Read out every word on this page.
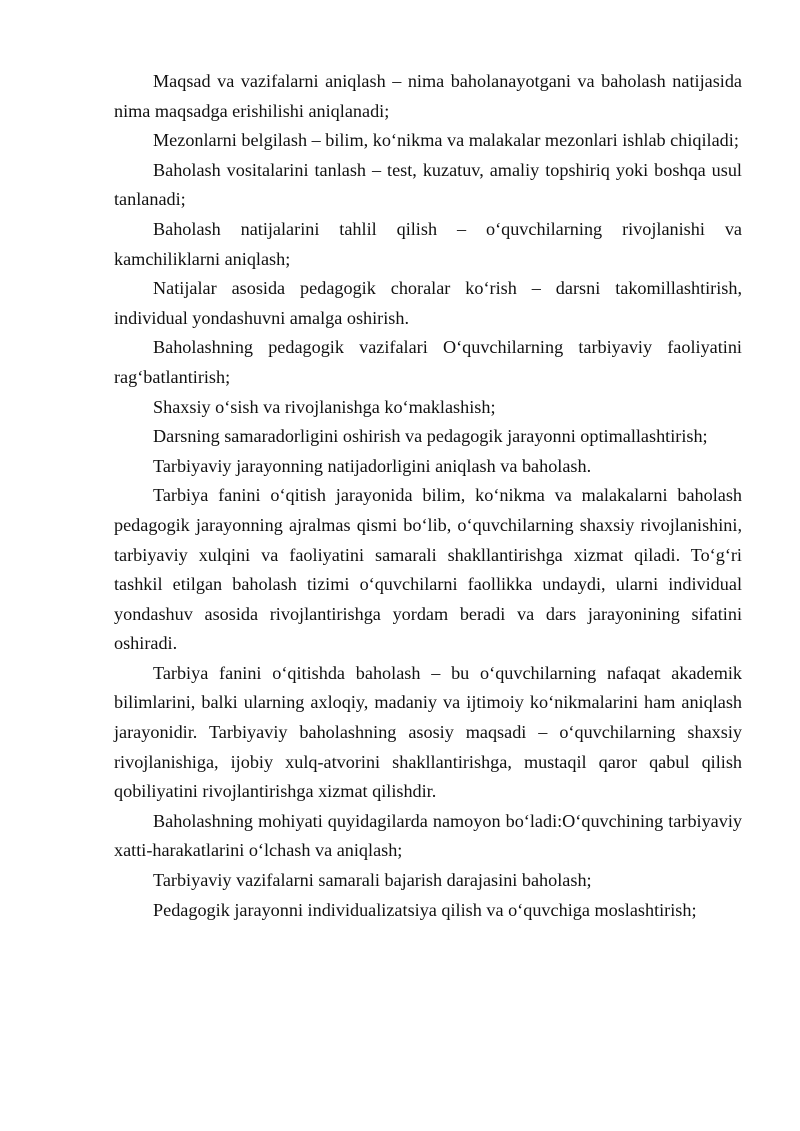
Maqsad va vazifalarni aniqlash – nima baholanayotgani va baholash natijasida nima maqsadga erishilishi aniqlanadi;

Mezonlarni belgilash – bilim, ko‘nikma va malakalar mezonlari ishlab chiqiladi;

Baholash vositalarini tanlash – test, kuzatuv, amaliy topshiriq yoki boshqa usul tanlanadi;

Baholash natijalarini tahlil qilish – o‘quvchilarning rivojlanishi va kamchiliklarni aniqlash;

Natijalar asosida pedagogik choralar ko‘rish – darsni takomillashtirish, individual yondashuvni amalga oshirish.

Baholashning pedagogik vazifalari O‘quvchilarning tarbiyaviy faoliyatini rag‘batlantirish;

Shaxsiy o‘sish va rivojlanishga ko‘maklashish;

Darsning samaradorligini oshirish va pedagogik jarayonni optimallashtirish;

Tarbiyaviy jarayonning natijadorligini aniqlash va baholash.

Tarbiya fanini o‘qitish jarayonida bilim, ko‘nikma va malakalarni baholash pedagogik jarayonning ajralmas qismi bo‘lib, o‘quvchilarning shaxsiy rivojlanishini, tarbiyaviy xulqini va faoliyatini samarali shakllantirishga xizmat qiladi. To‘g‘ri tashkil etilgan baholash tizimi o‘quvchilarni faollikka undaydi, ularni individual yondashuv asosida rivojlantirishga yordam beradi va dars jarayonining sifatini oshiradi.

Tarbiya fanini o‘qitishda baholash – bu o‘quvchilarning nafaqat akademik bilimlarini, balki ularning axloqiy, madaniy va ijtimoiy ko‘nikmalarini ham aniqlash jarayonidir. Tarbiyaviy baholashning asosiy maqsadi – o‘quvchilarning shaxsiy rivojlanishiga, ijobiy xulq-atvorini shakllantirishga, mustaqil qaror qabul qilish qobiliyatini rivojlantirishga xizmat qilishdir.

Baholashning mohiyati quyidagilarda namoyon bo‘ladi:O‘quvchining tarbiyaviy xatti-harakatlarini o‘lchash va aniqlash;

Tarbiyaviy vazifalarni samarali bajarish darajasini baholash;

Pedagogik jarayonni individualizatsiya qilish va o‘quvchiga moslashtirish;
